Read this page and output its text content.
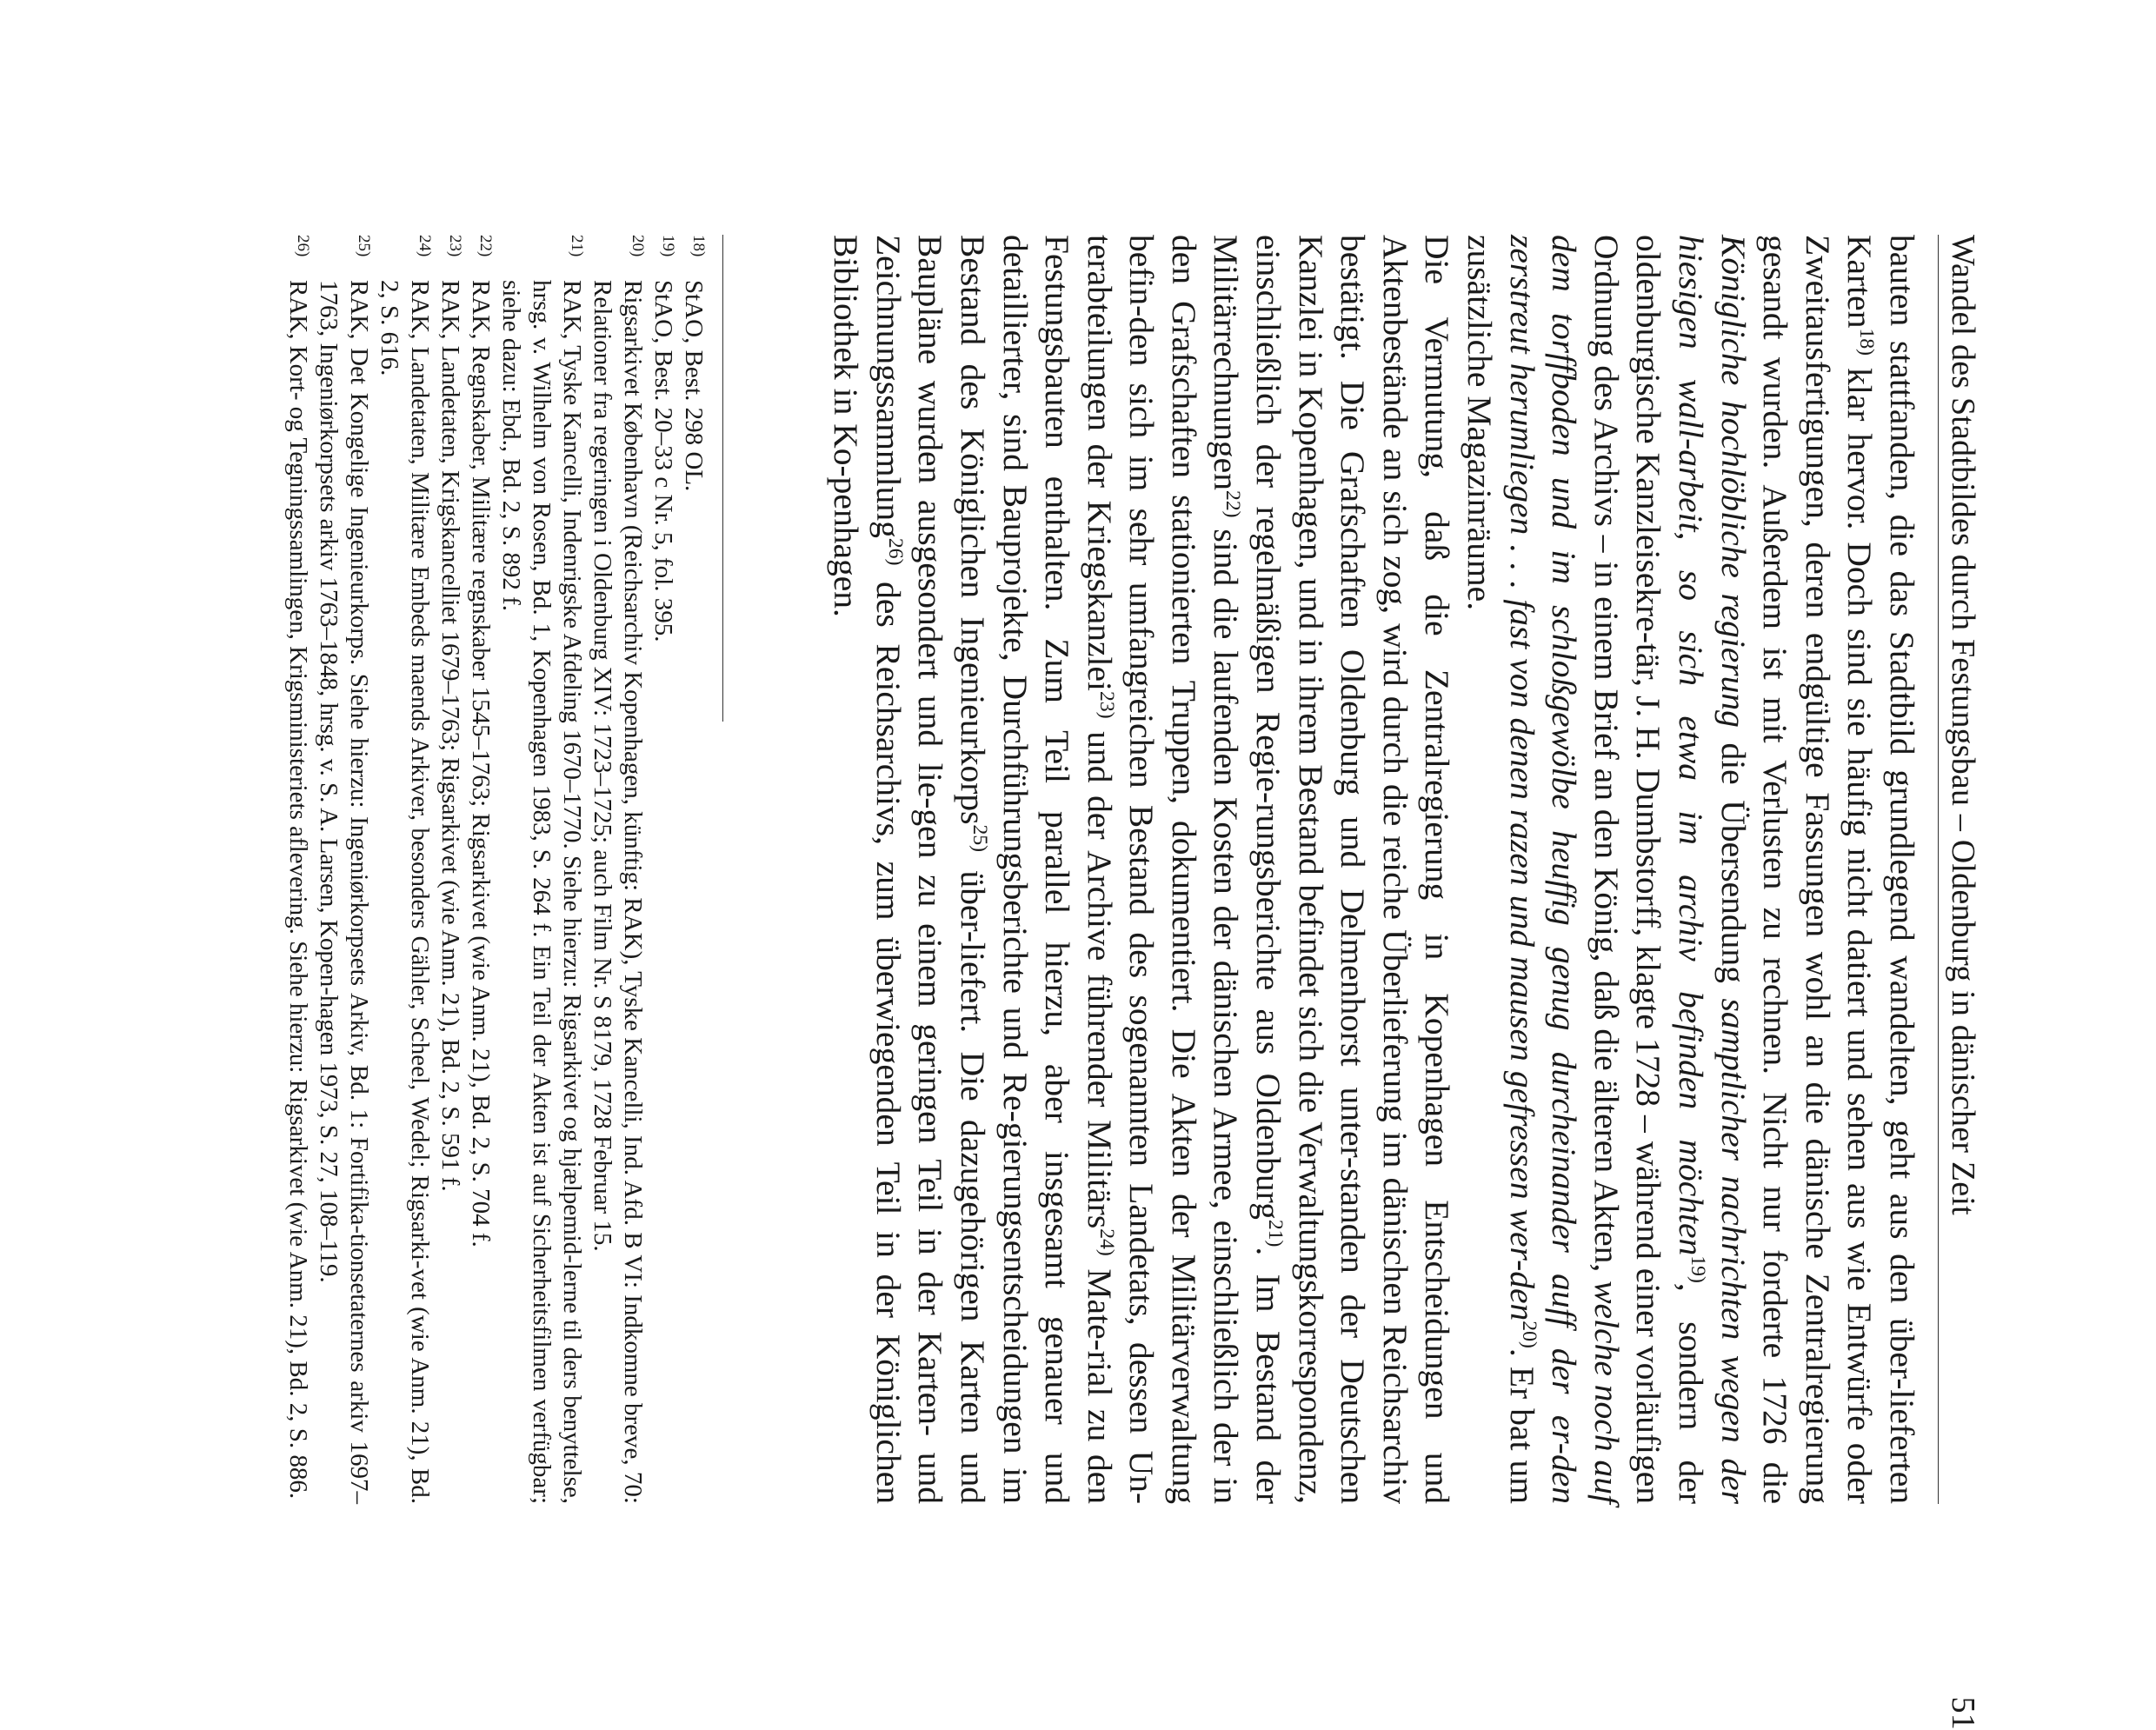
Wandel des Stadtbildes durch Festungsbau – Oldenburg in dänischer Zeit
51

bauten stattfanden, die das Stadtbild grundlegend wandelten, geht aus den über-lieferten Karten$^{18)}$ klar hervor. Doch sind sie häufig nicht datiert und sehen aus wie Entwürfe oder Zweitausfertigungen, deren endgültige Fassungen wohl an die dänische Zentralregierung gesandt wurden. Außerdem ist mit Verlusten zu rechnen. Nicht nur forderte 1726 die Königliche hochlöbliche regierung die Übersendung samptlicher nachrichten wegen der hiesigen wall-arbeit, so sich etwa im archiv befinden möchten$^{19)}$, sondern der oldenburgische Kanzleisekre-tär, J. H. Dumbstorff, klagte 1728 – während einer vorläufigen Ordnung des Archivs – in einem Brief an den König, daß die älteren Akten, welche noch auf dem torffboden und im schloßgewölbe heuffig genug durcheinander auff der er-den zerstreut herumliegen . . . fast von denen razen und mausen gefressen wer-den$^{20)}$. Er bat um zusätzliche Magazinräume.

Die Vermutung, daß die Zentralregierung in Kopenhagen Entscheidungen und Aktenbestände an sich zog, wird durch die reiche Überlieferung im dänischen Reichsarchiv bestätigt. Die Grafschaften Oldenburg und Delmenhorst unter-standen der Deutschen Kanzlei in Kopenhagen, und in ihrem Bestand befindet sich die Verwaltungskorrespondenz, einschließlich der regelmäßigen Regie-rungsberichte aus Oldenburg$^{21)}$. Im Bestand der Militärrechnungen$^{22)}$ sind die laufenden Kosten der dänischen Armee, einschließlich der in den Grafschaften stationierten Truppen, dokumentiert. Die Akten der Militärverwaltung befin-den sich im sehr umfangreichen Bestand des sogenannten Landetats, dessen Un-terabteilungen der Kriegskanzlei$^{23)}$ und der Archive führender Militärs$^{24)}$ Mate-rial zu den Festungsbauten enthalten. Zum Teil parallel hierzu, aber insgesamt genauer und detaillierter, sind Bauprojekte, Durchführungsberichte und Re-gierungsentscheidungen im Bestand des Königlichen Ingenieurkorps$^{25)}$ über-liefert. Die dazugehörigen Karten und Baupläne wurden ausgesondert und lie-gen zu einem geringen Teil in der Karten- und Zeichnungssammlung$^{26)}$ des Reichsarchivs, zum überwiegenden Teil in der Königlichen Bibliothek in Ko-penhagen.

18)
StAO, Best. 298 OL.

19)
StAO, Best. 20–33 c Nr. 5, fol. 395.

20)
Rigsarkivet København (Reichsarchiv Kopenhagen, künftig: RAK), Tyske Kancelli, Ind. Afd. B VI: Indkomne breve, 70: Relationer fra regeringen i Oldenburg XIV: 1723–1725; auch Film Nr. S 8179, 1728 Februar 15.

21)
RAK, Tyske Kancelli, Indenrigske Afdeling 1670–1770. Siehe hierzu: Rigsarkivet og hjælpemid-lerne til ders benyttelse, hrsg. v. Wilhelm von Rosen, Bd. 1, Kopenhagen 1983, S. 264 f. Ein Teil der Akten ist auf Sicherheitsfilmen verfügbar; siehe dazu: Ebd., Bd. 2, S. 892 f.

22)
RAK, Regnskaber, Militære regnskaber 1545–1763; Rigsarkivet (wie Anm. 21), Bd. 2, S. 704 f.

23)
RAK, Landetaten, Krigskancelliet 1679–1763; Rigsarkivet (wie Anm. 21), Bd. 2, S. 591 f.

24)
RAK, Landetaten, Militære Embeds maends Arkiver, besonders Gähler, Scheel, Wedel; Rigsarki-vet (wie Anm. 21), Bd. 2, S. 616.

25)
RAK, Det Kongelige Ingenieurkorps. Siehe hierzu: Ingeniørkorpsets Arkiv, Bd. 1: Fortifika-tionsetaternes arkiv 1697–1763, Ingeniørkorpsets arkiv 1763–1848, hrsg. v. S. A. Larsen, Kopen-hagen 1973, S. 27, 108–119.

26)
RAK, Kort- og Tegningssamlingen, Krigsministeriets aflevering. Siehe hierzu: Rigsarkivet (wie Anm. 21), Bd. 2, S. 886.
